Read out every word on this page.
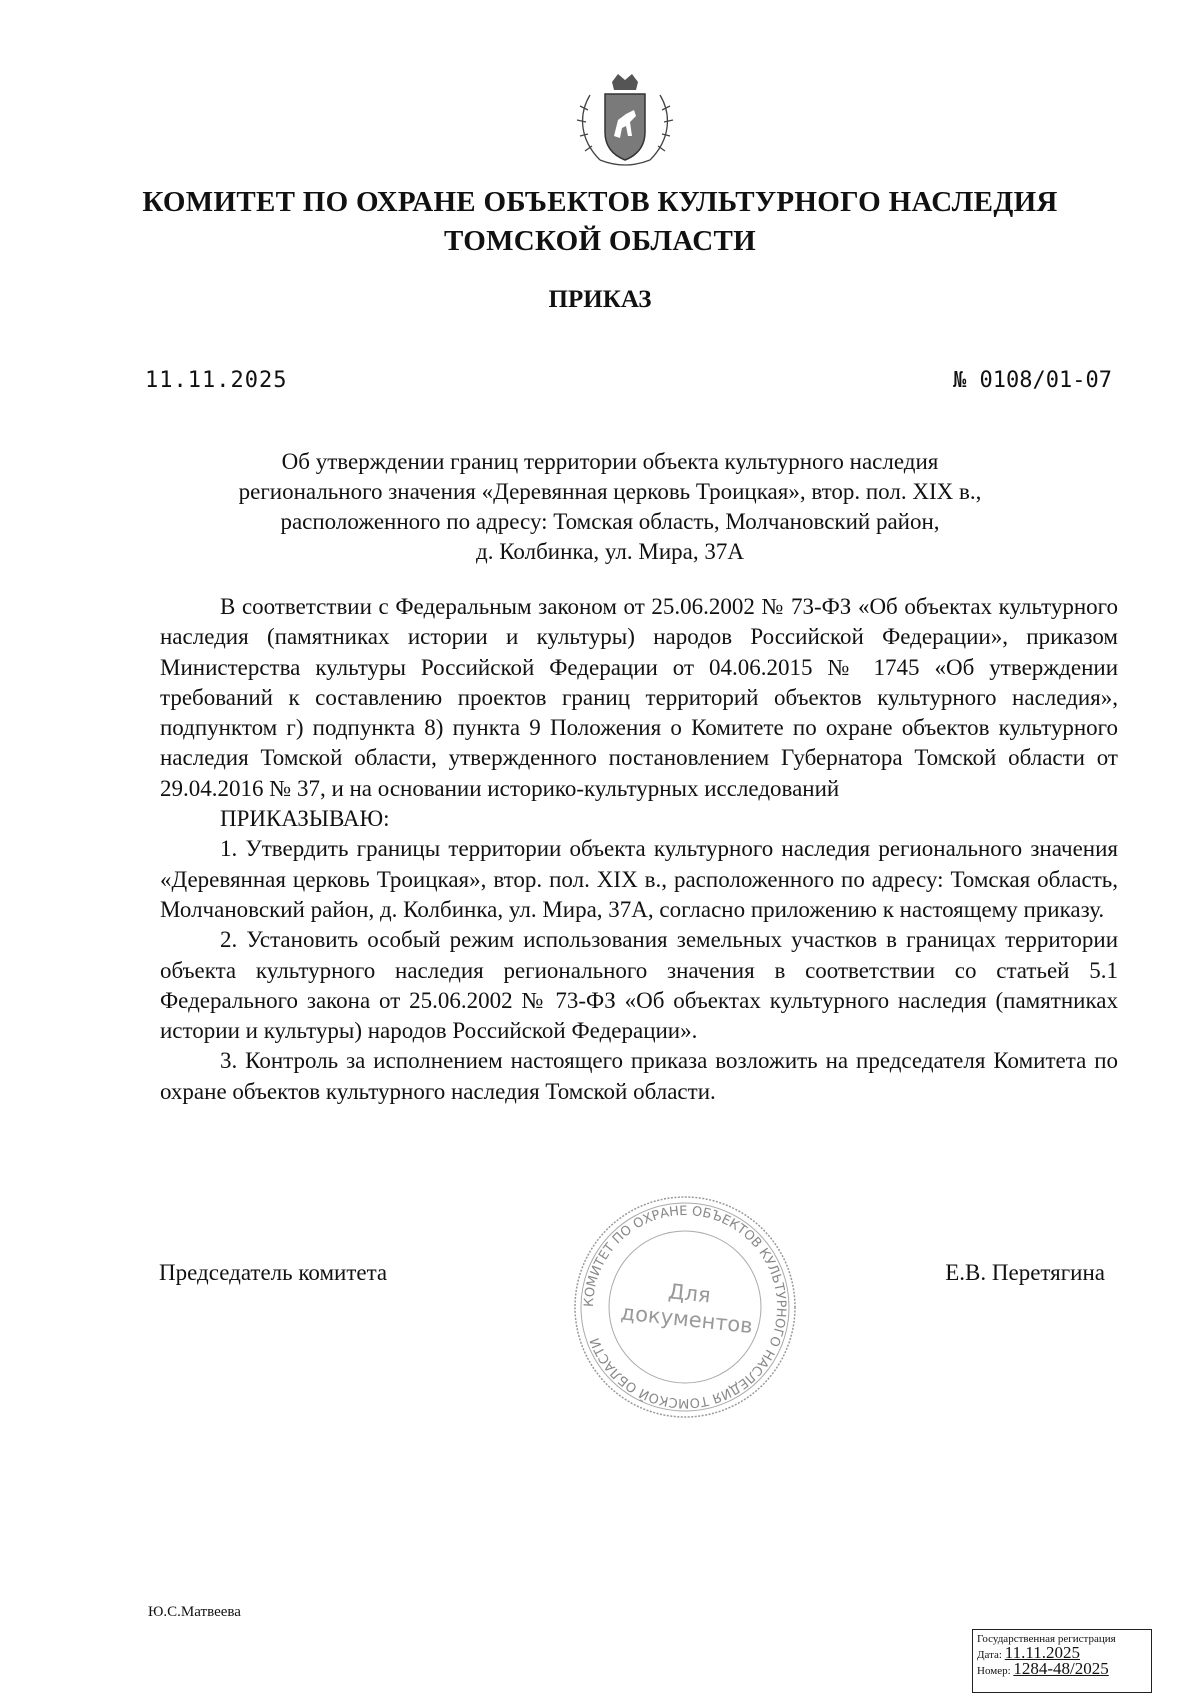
КОМИТЕТ ПО ОХРАНЕ ОБЪЕКТОВ КУЛЬТУРНОГО НАСЛЕДИЯ
ТОМСКОЙ ОБЛАСТИ
ПРИКАЗ
11.11.2025	№ 0108/01-07
Об утверждении границ территории объекта культурного наследия
регионального значения «Деревянная церковь Троицкая», втор. пол. XIX в.,
расположенного по адресу: Томская область, Молчановский район,
д. Колбинка, ул. Мира, 37А

В соответствии с Федеральным законом от 25.06.2002 № 73-ФЗ «Об объектах культурного наследия (памятниках истории и культуры) народов Российской Федерации», приказом Министерства культуры Российской Федерации от 04.06.2015 № 1745 «Об утверждении требований к составлению проектов границ территорий объектов культурного наследия», подпунктом г) подпункта 8) пункта 9 Положения о Комитете по охране объектов культурного наследия Томской области, утвержденного постановлением Губернатора Томской области от 29.04.2016 № 37, и на основании историко-культурных исследований

ПРИКАЗЫВАЮ:

1. Утвердить границы территории объекта культурного наследия регионального значения «Деревянная церковь Троицкая», втор. пол. XIX в., расположенного по адресу: Томская область, Молчановский район, д. Колбинка, ул. Мира, 37А, согласно приложению к настоящему приказу.

2. Установить особый режим использования земельных участков в границах территории объекта культурного наследия регионального значения в соответствии со статьей 5.1 Федерального закона от 25.06.2002 № 73-ФЗ «Об объектах культурного наследия (памятниках истории и культуры) народов Российской Федерации».

3. Контроль за исполнением настоящего приказа возложить на председателя Комитета по охране объектов культурного наследия Томской области.

Председатель комитета	Е.В. Перетягина
КОМИТЕТ ПО ОХРАНЕ ОБЪЕКТОВ КУЛЬТУРНОГО НАСЛЕДИЯ ТОМСКОЙ ОБЛАСТИ
Для
документов
Ю.С.Матвеева
Государственная регистрация
Дата: 11.11.2025
Номер: 1284-48/2025
